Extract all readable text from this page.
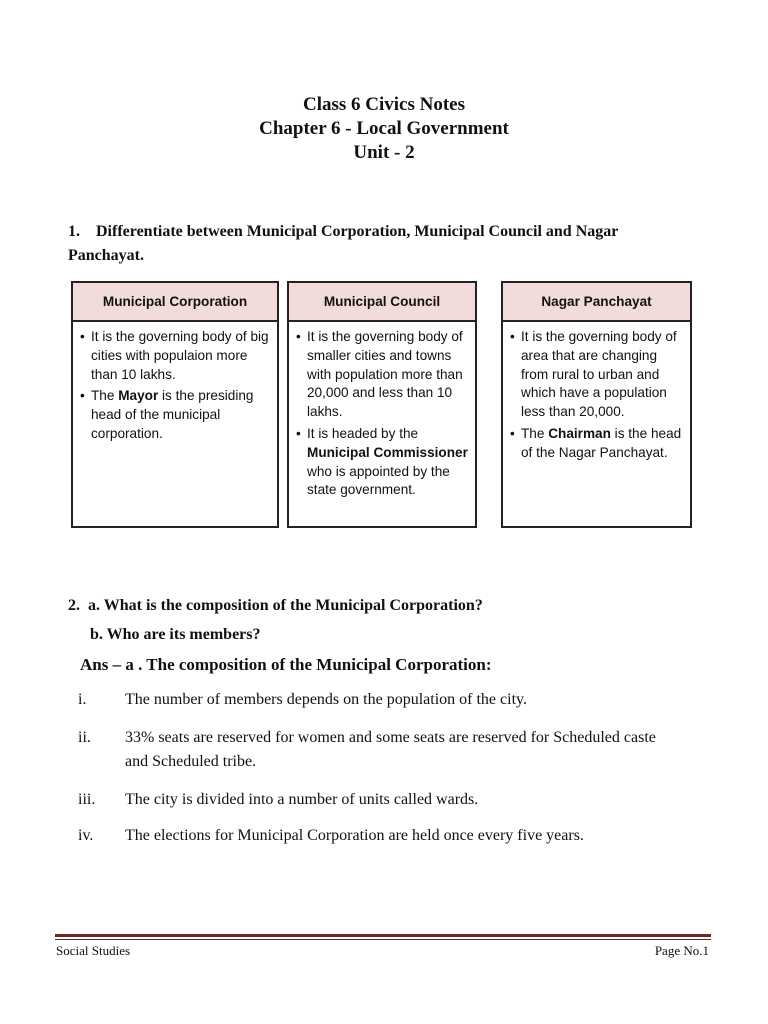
Class 6 Civics Notes
Chapter 6 - Local Government
Unit - 2
1.    Differentiate between Municipal Corporation, Municipal Council and Nagar
Panchayat.
Municipal Corporation
• It is the governing body of big cities with populaion more than 10 lakhs.
• The Mayor is the presiding head of the municipal corporation.
Municipal Council
• It is the governing body of smaller cities and towns with population more than 20,000 and less than 10 lakhs.
• It is headed by the Municipal Commissioner who is appointed by the state government.
Nagar Panchayat
• It is the governing body of area that are changing from rural to urban and which have a population less than 20,000.
• The Chairman is the head of the Nagar Panchayat.
2.  a. What is the composition of the Municipal Corporation?
b. Who are its members?
Ans – a . The composition of the Municipal Corporation:
i. The number of members depends on the population of the city.
ii. 33% seats are reserved for women and some seats are reserved for Scheduled caste
and Scheduled tribe.
iii. The city is divided into a number of units called wards.
iv. The elections for Municipal Corporation are held once every five years.
Social Studies	Page No.1
